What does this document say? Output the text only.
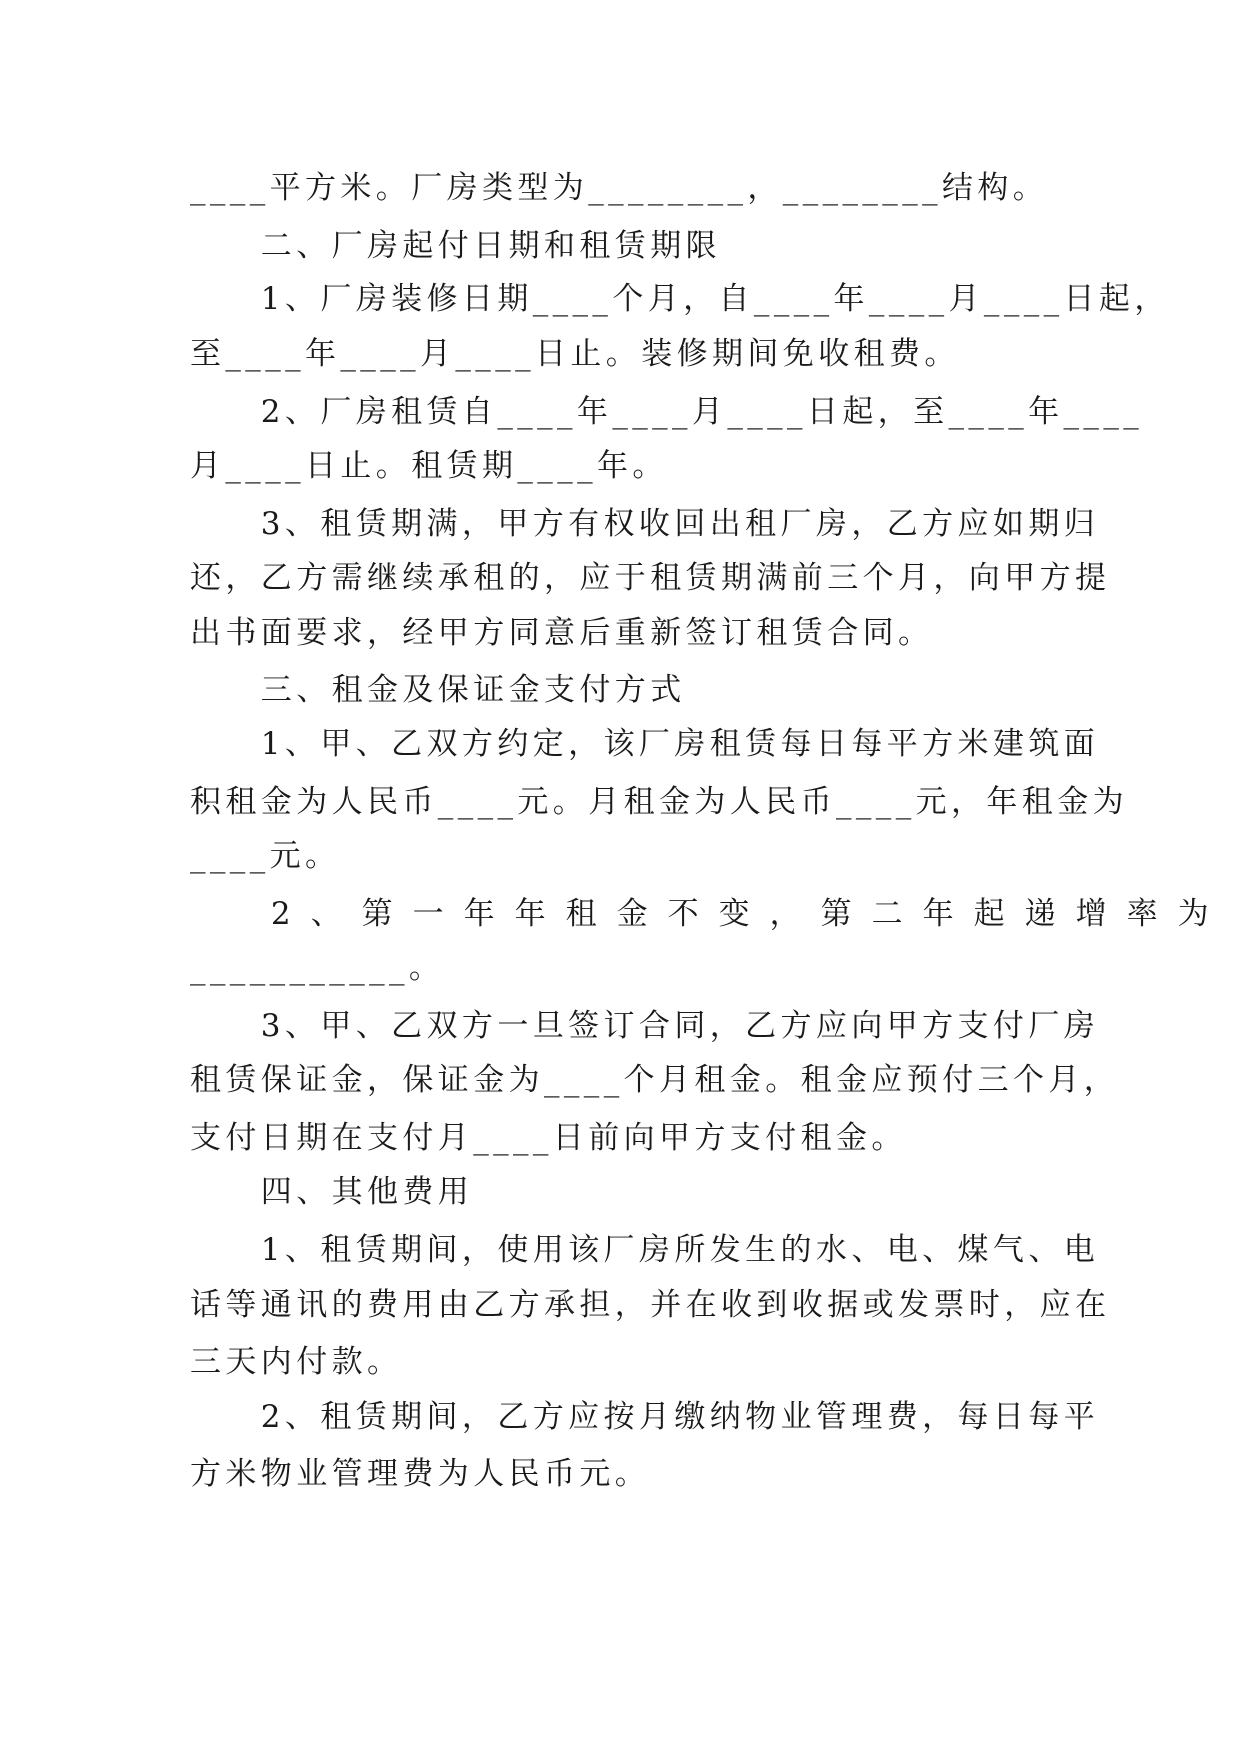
____平方米。厂房类型为________，________结构。
　　二、厂房起付日期和租赁期限
　　1、厂房装修日期____个月，自____年____月____日起，
至____年____月____日止。装修期间免收租费。
　　2、厂房租赁自____年____月____日起，至____年____
月____日止。租赁期____年。
　　3、租赁期满，甲方有权收回出租厂房，乙方应如期归
还，乙方需继续承租的，应于租赁期满前三个月，向甲方提
出书面要求，经甲方同意后重新签订租赁合同。
　　三、租金及保证金支付方式
　　1、甲、乙双方约定，该厂房租赁每日每平方米建筑面
积租金为人民币____元。月租金为人民币____元，年租金为
____元。
　 2、第一年年租金不变，第二年起递增率为
___________。
　　3、甲、乙双方一旦签订合同，乙方应向甲方支付厂房
租赁保证金，保证金为____个月租金。租金应预付三个月，
支付日期在支付月____日前向甲方支付租金。
　　四、其他费用
　　1、租赁期间，使用该厂房所发生的水、电、煤气、电
话等通讯的费用由乙方承担，并在收到收据或发票时，应在
三天内付款。
　　2、租赁期间，乙方应按月缴纳物业管理费，每日每平
方米物业管理费为人民币元。
